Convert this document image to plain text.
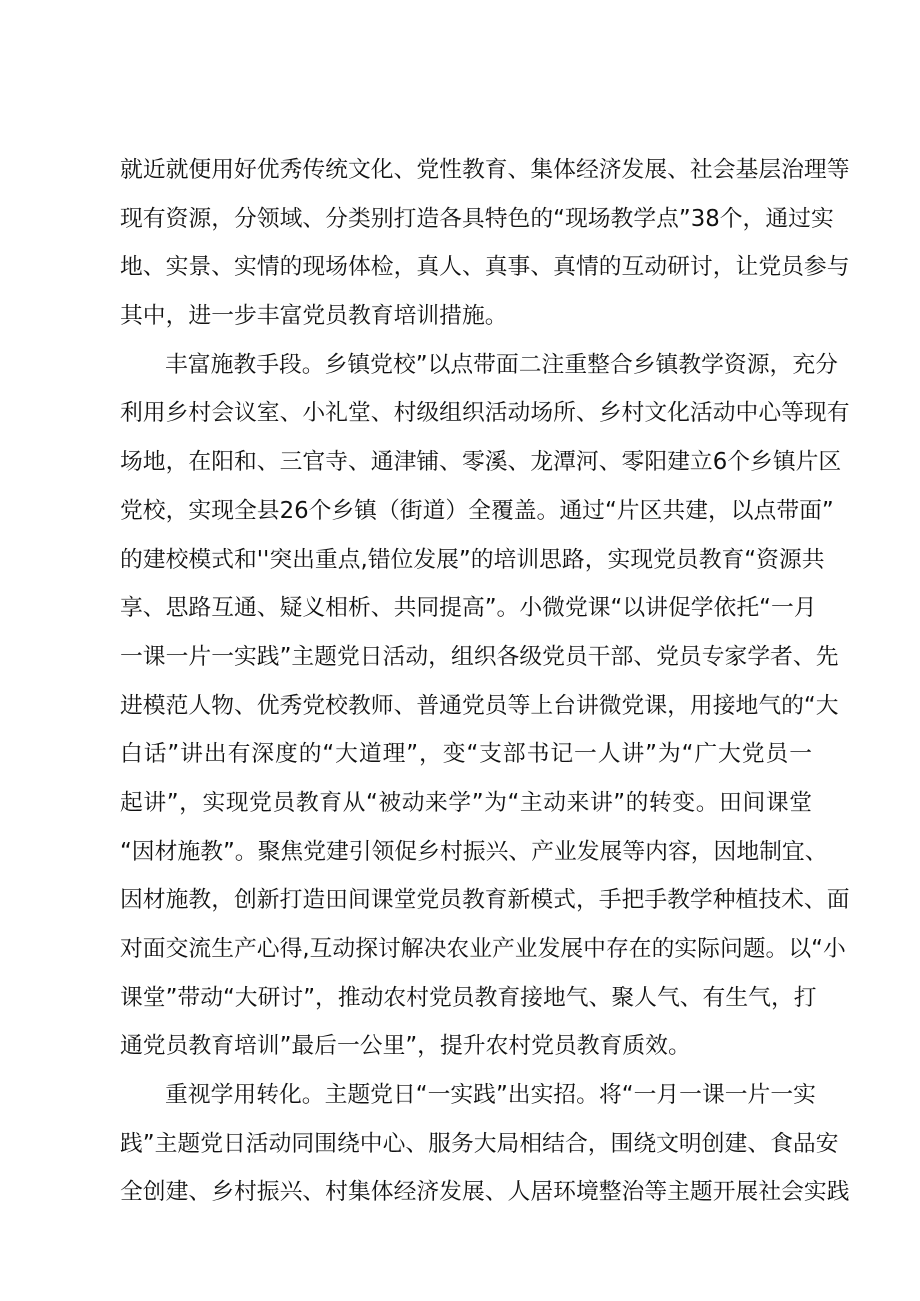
就近就便用好优秀传统文化、党性教育、集体经济发展、社会基层治理等
现有资源，分领域、分类别打造各具特色的“现场教学点”38个，通过实
地、实景、实情的现场体检，真人、真事、真情的互动研讨，让党员参与
其中，进一步丰富党员教育培训措施。
丰富施教手段。乡镇党校”以点带面二注重整合乡镇教学资源，充分
利用乡村会议室、小礼堂、村级组织活动场所、乡村文化活动中心等现有
场地，在阳和、三官寺、通津铺、零溪、龙潭河、零阳建立6个乡镇片区
党校，实现全县26个乡镇（街道）全覆盖。通过“片区共建，以点带面”
的建校模式和''突出重点,错位发展”的培训思路，实现党员教育“资源共
享、思路互通、疑义相析、共同提高”。小微党课“以讲促学依托“一月
一课一片一实践”主题党日活动，组织各级党员干部、党员专家学者、先
进模范人物、优秀党校教师、普通党员等上台讲微党课，用接地气的“大
白话”讲出有深度的“大道理”，变“支部书记一人讲”为“广大党员一
起讲”，实现党员教育从“被动来学”为“主动来讲”的转变。田间课堂
“因材施教”。聚焦党建引领促乡村振兴、产业发展等内容，因地制宜、
因材施教，创新打造田间课堂党员教育新模式，手把手教学种植技术、面
对面交流生产心得,互动探讨解决农业产业发展中存在的实际问题。以“小
课堂”带动“大研讨”，推动农村党员教育接地气、聚人气、有生气，打
通党员教育培训”最后一公里”，提升农村党员教育质效。
重视学用转化。主题党日“一实践”出实招。将“一月一课一片一实
践”主题党日活动同围绕中心、服务大局相结合，围绕文明创建、食品安
全创建、乡村振兴、村集体经济发展、人居环境整治等主题开展社会实践
